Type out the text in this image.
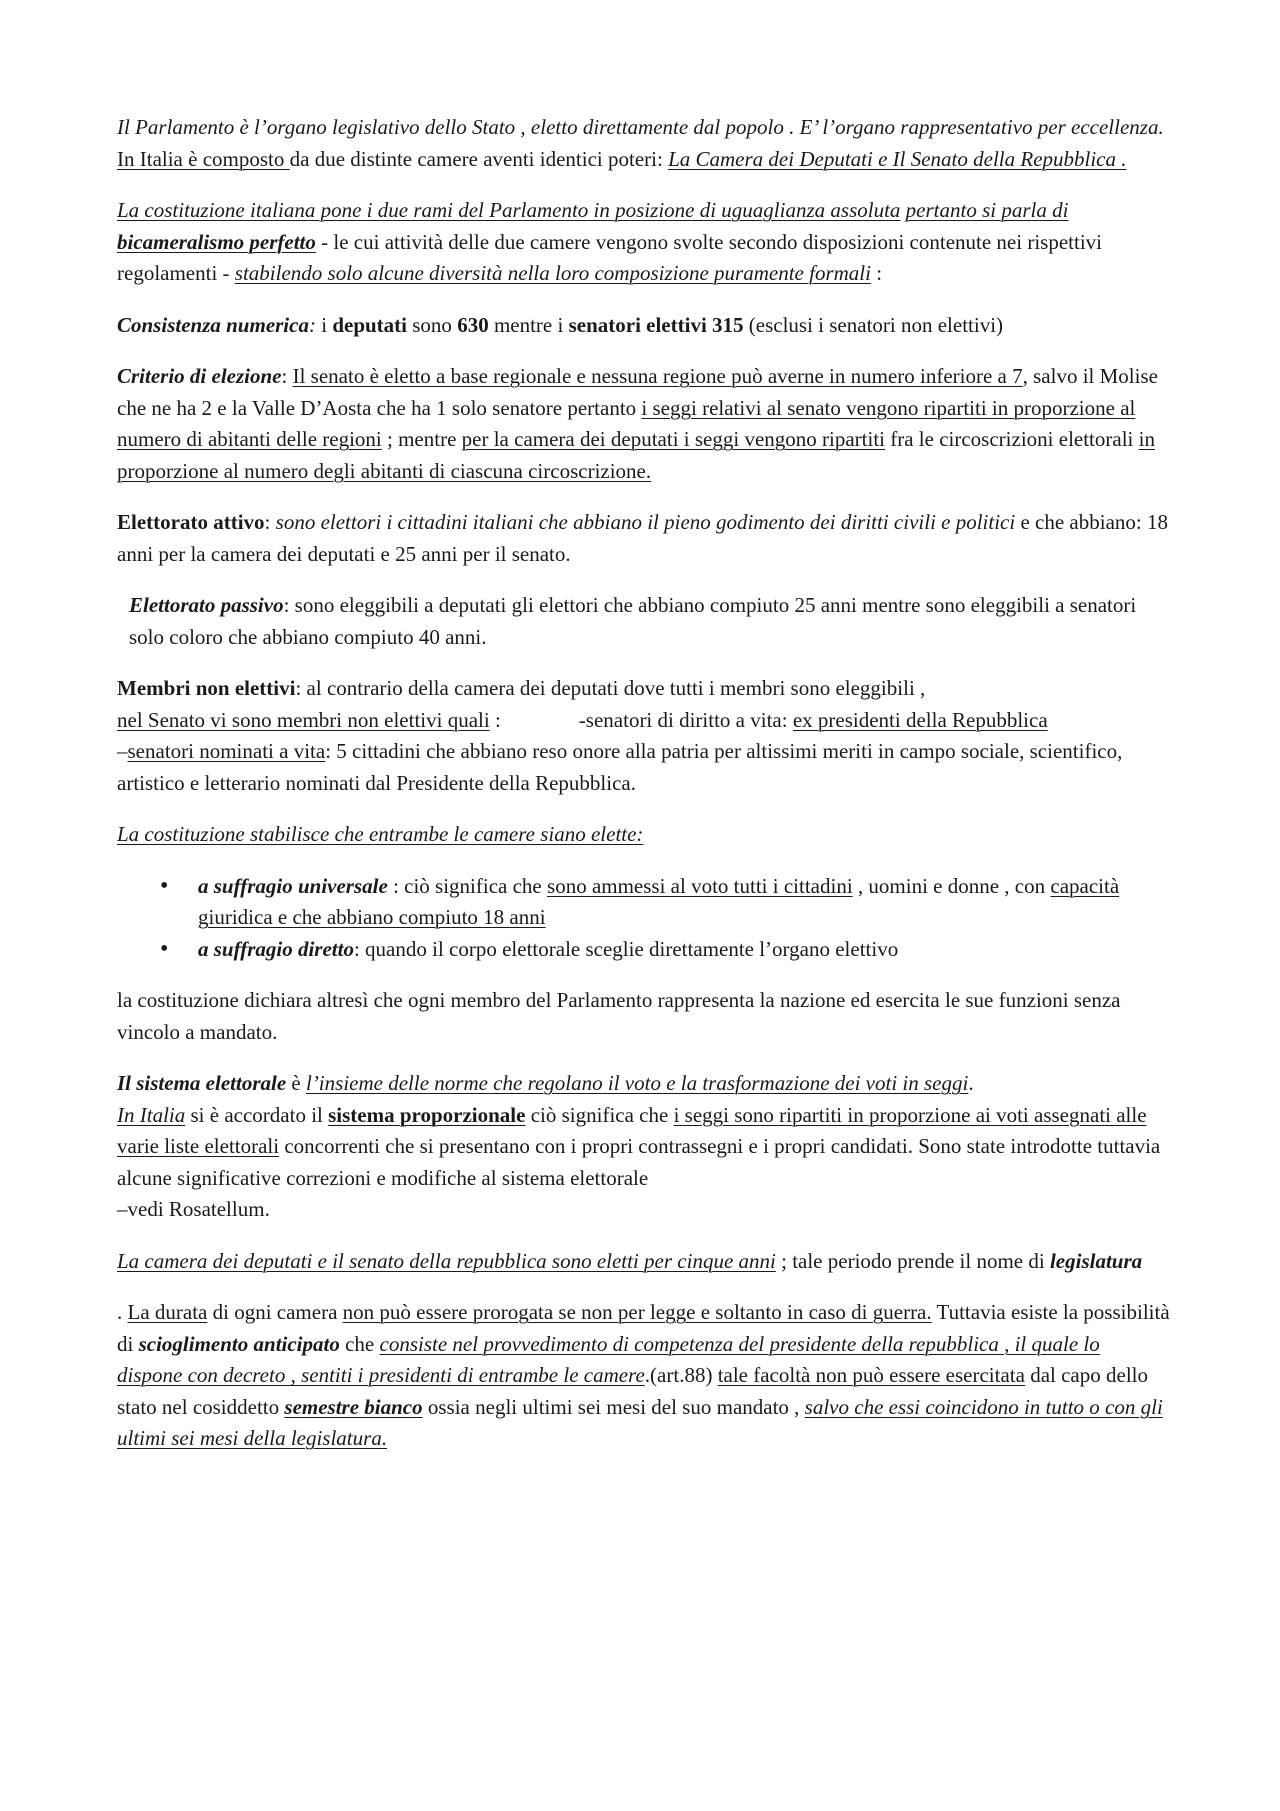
Il Parlamento è l’organo legislativo dello Stato , eletto direttamente dal popolo . E’ l’organo rappresentativo per eccellenza. In Italia è composto da due distinte camere aventi identici poteri: La Camera dei Deputati e Il Senato della Repubblica .

La costituzione italiana pone i due rami del Parlamento in posizione di uguaglianza assoluta pertanto si parla di bicameralismo perfetto - le cui attività delle due camere vengono svolte secondo disposizioni contenute nei rispettivi regolamenti - stabilendo solo alcune diversità nella loro composizione puramente formali :

Consistenza numerica: i deputati sono 630 mentre i senatori elettivi 315 (esclusi i senatori non elettivi)

Criterio di elezione: Il senato è eletto a base regionale e nessuna regione può averne in numero inferiore a 7, salvo il Molise che ne ha 2 e la Valle D’Aosta che ha 1 solo senatore pertanto i seggi relativi al senato vengono ripartiti in proporzione al numero di abitanti delle regioni ; mentre per la camera dei deputati i seggi vengono ripartiti fra le circoscrizioni elettorali in proporzione al numero degli abitanti di ciascuna circoscrizione.

Elettorato attivo: sono elettori i cittadini italiani che abbiano il pieno godimento dei diritti civili e politici e che abbiano: 18 anni per la camera dei deputati e 25 anni per il senato.

Elettorato passivo: sono eleggibili a deputati gli elettori che abbiano compiuto 25 anni mentre sono eleggibili a senatori solo coloro che abbiano compiuto 40 anni.

Membri non elettivi: al contrario della camera dei deputati dove tutti i membri sono eleggibili ,
nel Senato vi sono membri non elettivi quali :	-senatori di diritto a vita: ex presidenti della Repubblica
–senatori nominati a vita: 5 cittadini che abbiano reso onore alla patria per altissimi meriti in campo sociale, scientifico, artistico e letterario nominati dal Presidente della Repubblica.

La costituzione stabilisce che entrambe le camere siano elette:

• a suffragio universale : ciò significa che sono ammessi al voto tutti i cittadini , uomini e donne , con capacità giuridica e che abbiano compiuto 18 anni
• a suffragio diretto: quando il corpo elettorale sceglie direttamente l’organo elettivo

la costituzione dichiara altresì che ogni membro del Parlamento rappresenta la nazione ed esercita le sue funzioni senza vincolo a mandato.

Il sistema elettorale è l’insieme delle norme che regolano il voto e la trasformazione dei voti in seggi.
In Italia si è accordato il sistema proporzionale ciò significa che i seggi sono ripartiti in proporzione ai voti assegnati alle varie liste elettorali concorrenti che si presentano con i propri contrassegni e i propri candidati. Sono state introdotte tuttavia alcune significative correzioni e modifiche al sistema elettorale
–vedi Rosatellum.

La camera dei deputati e il senato della repubblica sono eletti per cinque anni ; tale periodo prende il nome di legislatura

. La durata di ogni camera non può essere prorogata se non per legge e soltanto in caso di guerra. Tuttavia esiste la possibilità di scioglimento anticipato che consiste nel provvedimento di competenza del presidente della repubblica , il quale lo dispone con decreto , sentiti i presidenti di entrambe le camere.(art.88) tale facoltà non può essere esercitata dal capo dello stato nel cosiddetto semestre bianco ossia negli ultimi sei mesi del suo mandato , salvo che essi coincidono in tutto o con gli ultimi sei mesi della legislatura.
